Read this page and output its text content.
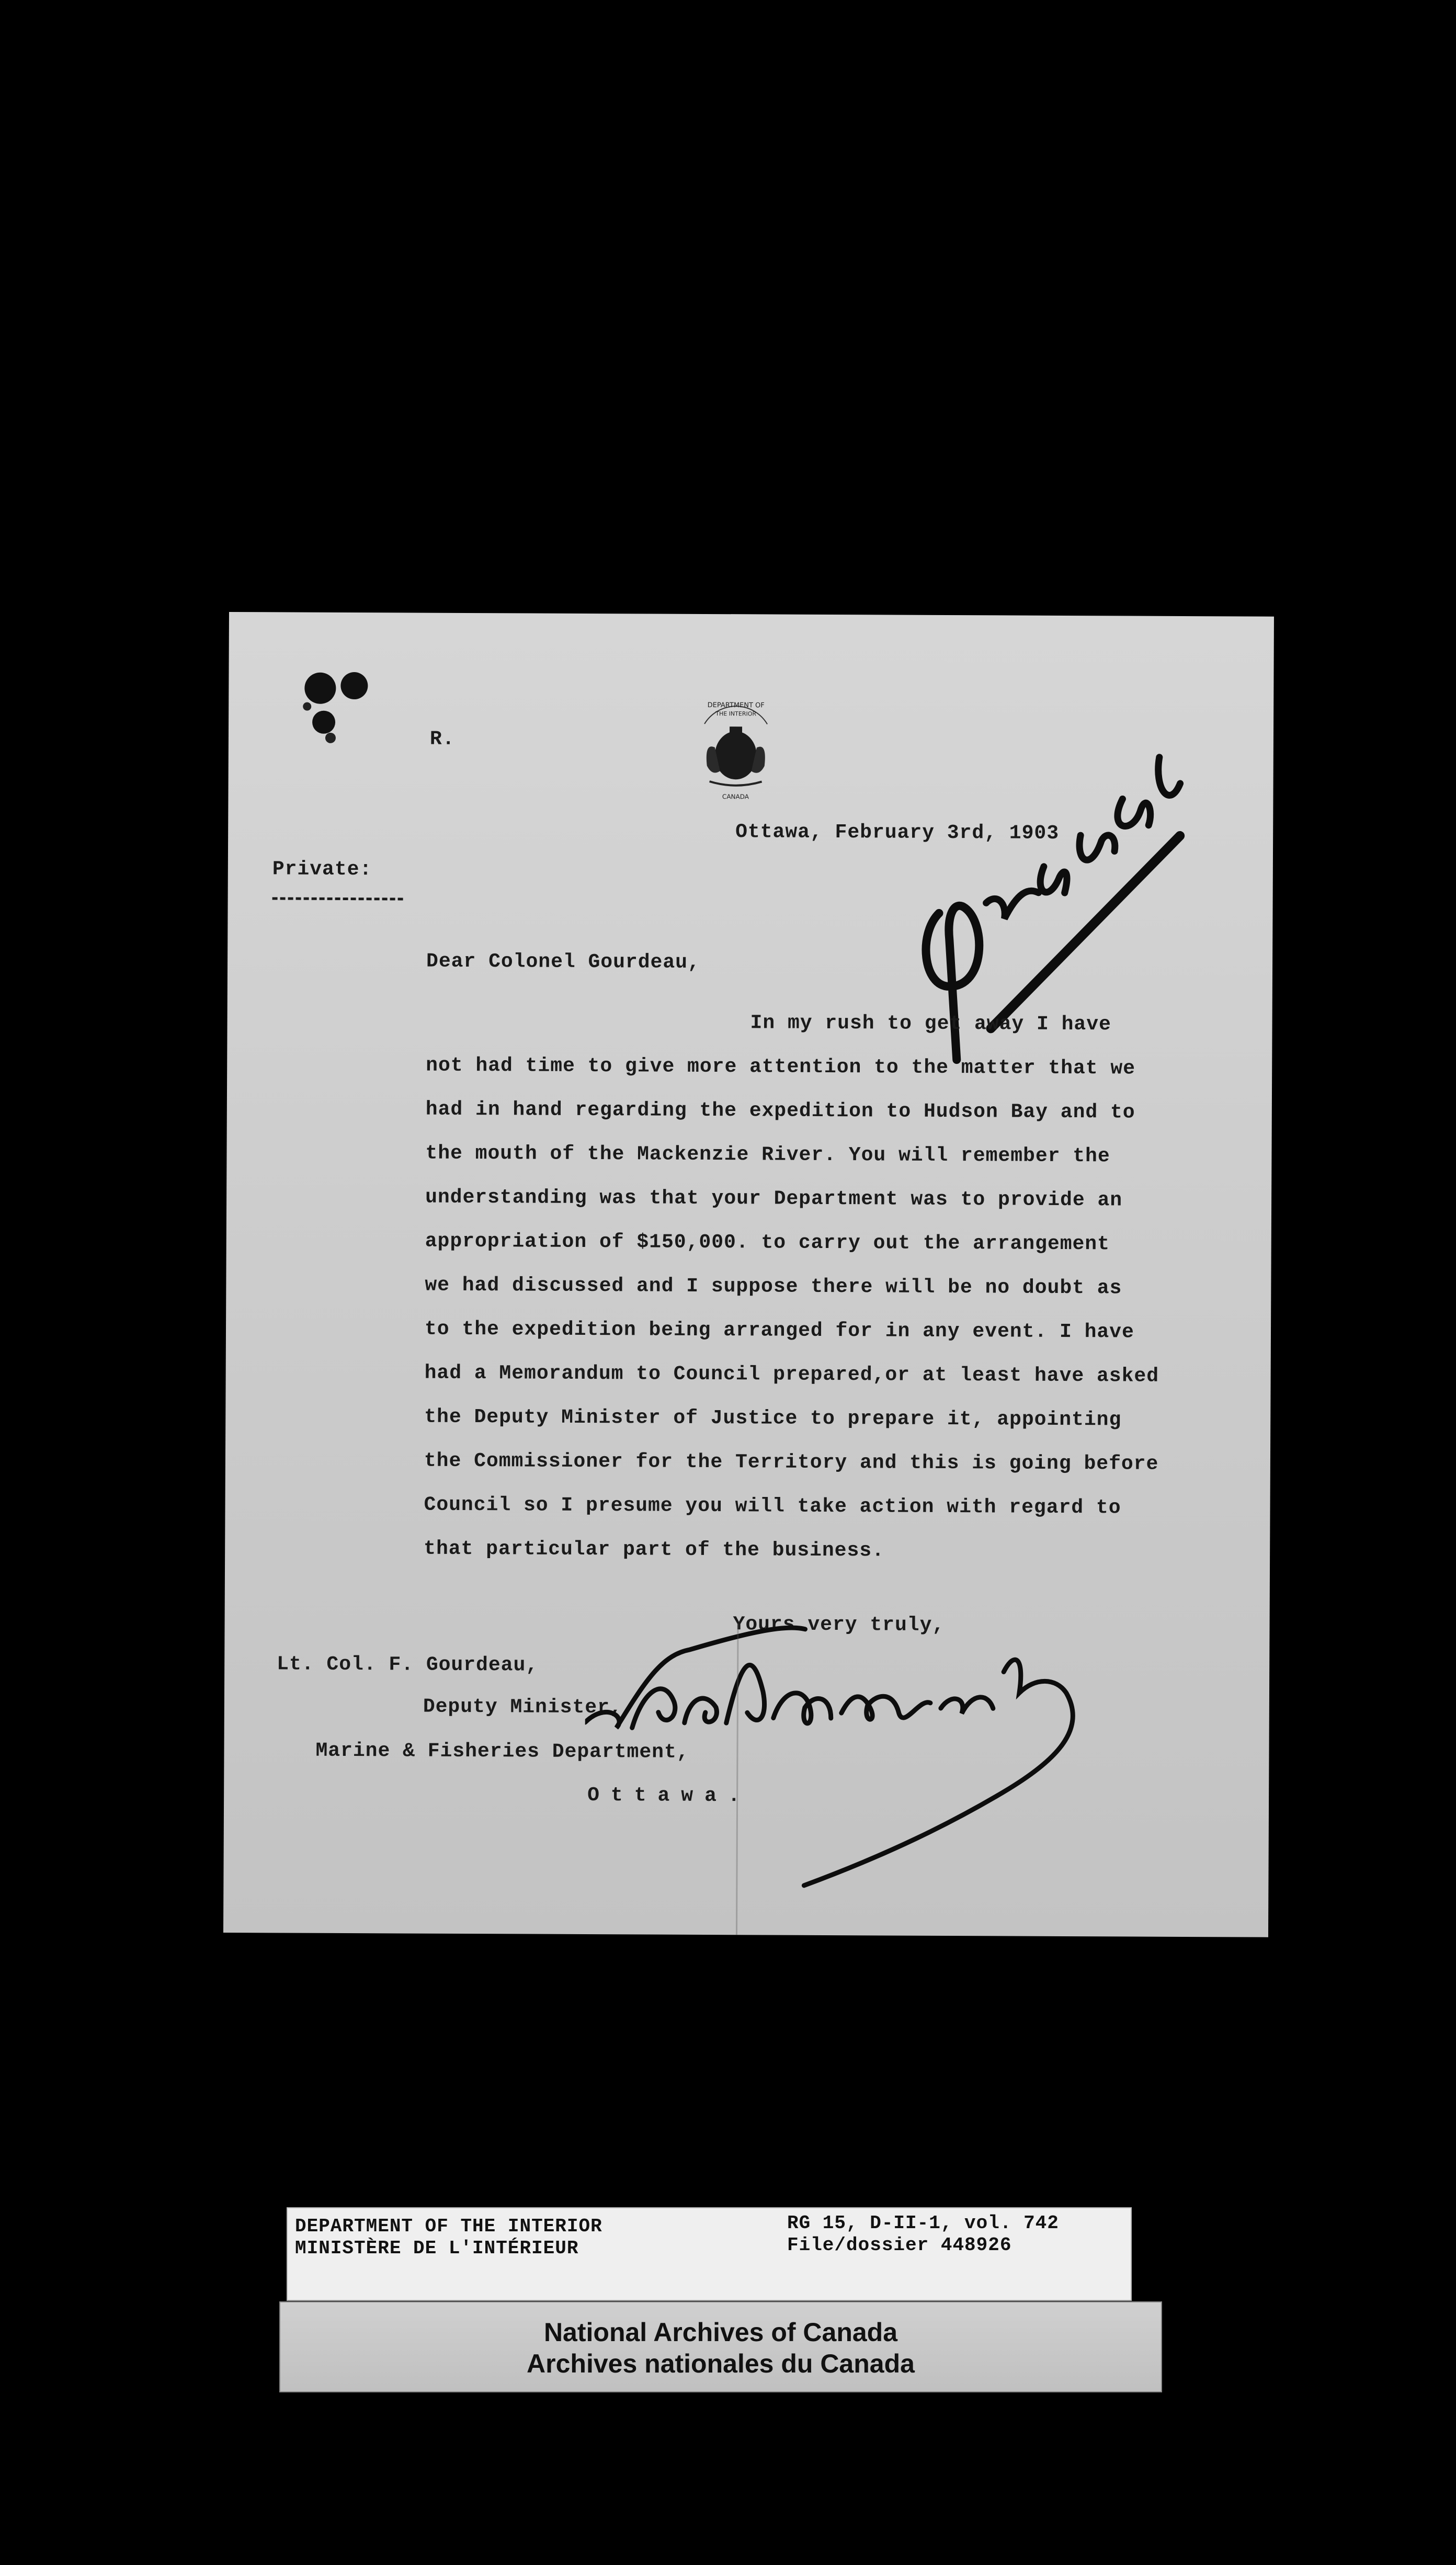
R.
DEPARTMENT OF
THE INTERIOR
CANADA
Ottawa, February 3rd, 1903
Private:
Dear Colonel Gourdeau,
In my rush to get away I have
not had time to give more attention to the matter that we
had in hand regarding the expedition to Hudson Bay and to
the mouth of the Mackenzie River. You will remember the
understanding was that your Department was to provide an
appropriation of $150,000. to carry out the arrangement
we had discussed and I suppose there will be no doubt as
to the expedition being arranged for in any event. I have
had a Memorandum to Council prepared,or at least have asked
the Deputy Minister of Justice to prepare it, appointing
the Commissioner for the Territory and this is going before
Council so I presume you will take action with regard to
that particular part of the business.
Yours very truly,
Lt. Col. F. Gourdeau,
Deputy Minister,
Marine & Fisheries Department,
Ottawa.
DEPARTMENT OF THE INTERIOR
MINISTÈRE DE L'INTÉRIEUR
RG 15, D-II-1, vol. 742
File/dossier 448926
National Archives of Canada
Archives nationales du Canada
